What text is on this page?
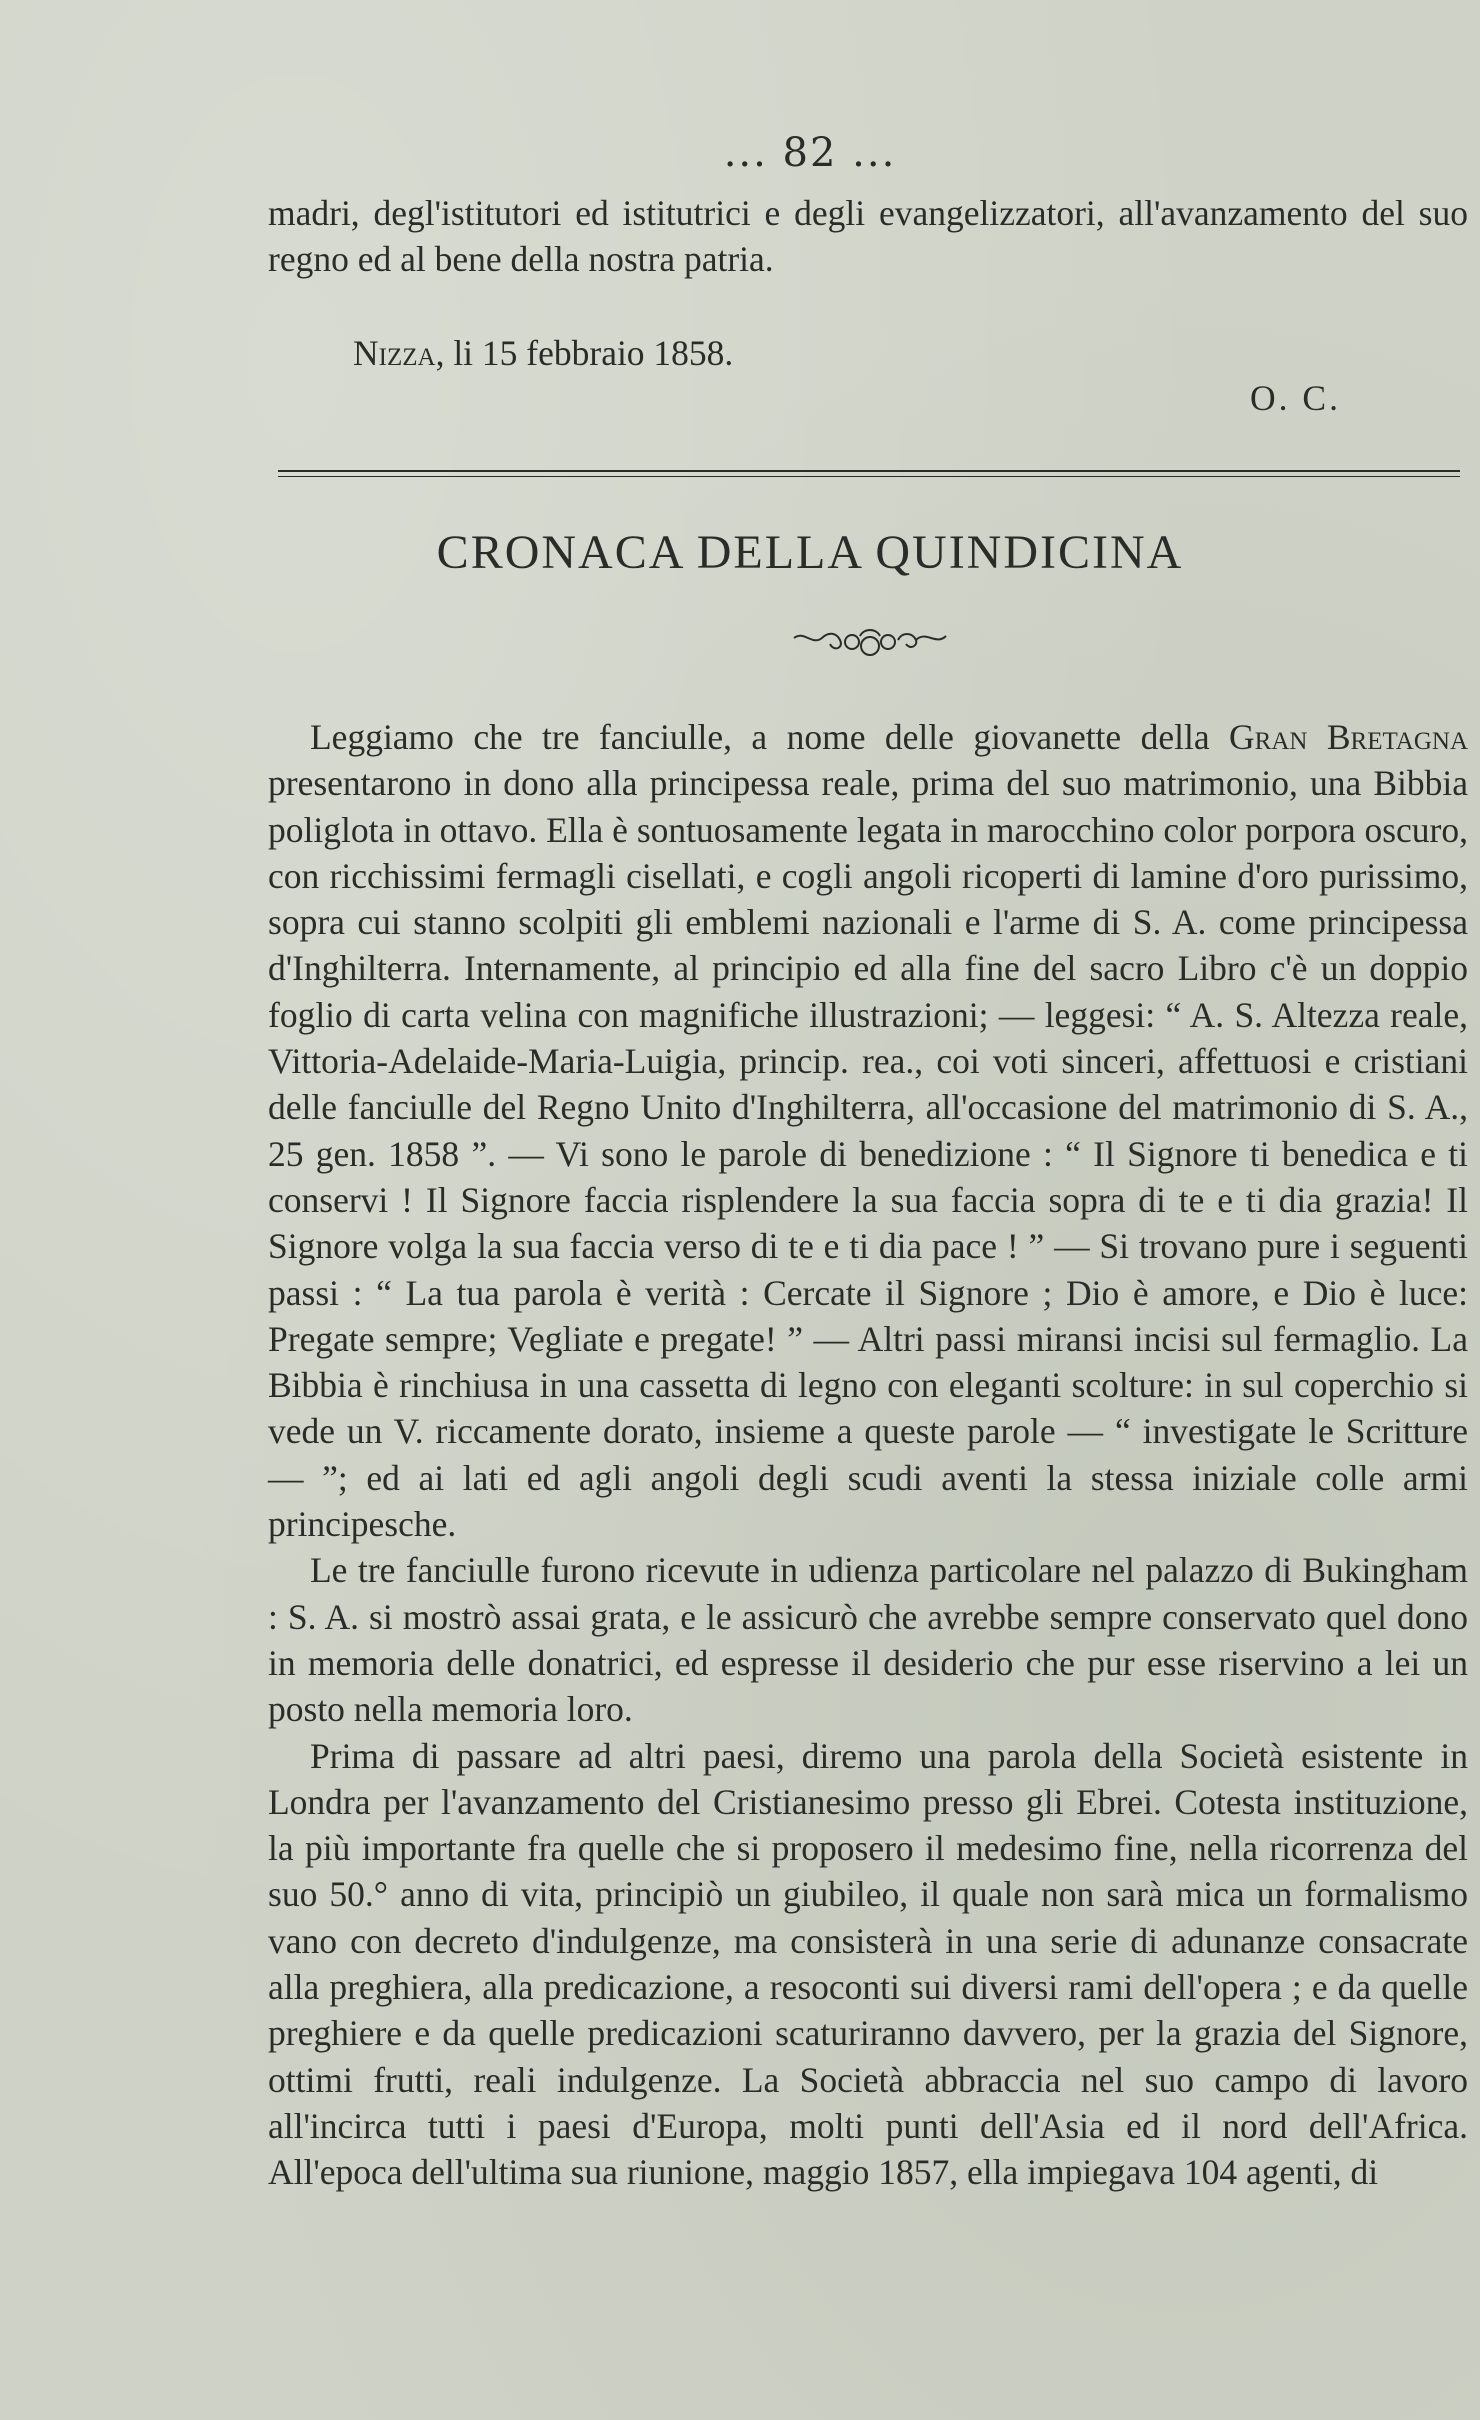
... 82 ...

madri, degl'istitutori ed istitutrici e degli evangelizzatori, all'avanzamento del suo regno ed al bene della nostra patria.

Nizza, li 15 febbraio 1858.
O. C.
CRONACA DELLA QUINDICINA

Leggiamo che tre fanciulle, a nome delle giovanette della Gran Bretagna presentarono in dono alla principessa reale, prima del suo matrimonio, una Bibbia poliglota in ottavo. Ella è sontuosamente legata in marocchino color porpora oscuro, con ricchissimi fermagli cisellati, e cogli angoli ricoperti di lamine d'oro purissimo, sopra cui stanno scolpiti gli emblemi nazionali e l'arme di S. A. come principessa d'Inghilterra. Internamente, al principio ed alla fine del sacro Libro c'è un doppio foglio di carta velina con magnifiche illustrazioni; — leggesi: “ A. S. Altezza reale, Vittoria-Adelaide-Maria-Luigia, princip. rea., coi voti sinceri, affettuosi e cristiani delle fanciulle del Regno Unito d'Inghilterra, all'occasione del matrimonio di S. A., 25 gen. 1858 ”. — Vi sono le parole di benedizione : “ Il Signore ti benedica e ti conservi ! Il Signore faccia risplendere la sua faccia sopra di te e ti dia grazia! Il Signore volga la sua faccia verso di te e ti dia pace ! ” — Si trovano pure i seguenti passi : “ La tua parola è verità : Cercate il Signore ; Dio è amore, e Dio è luce: Pregate sempre; Vegliate e pregate! ” — Altri passi miransi incisi sul fermaglio. La Bibbia è rinchiusa in una cassetta di legno con eleganti scolture: in sul coperchio si vede un V. riccamente dorato, insieme a queste parole — “ investigate le Scritture — ”; ed ai lati ed agli angoli degli scudi aventi la stessa iniziale colle armi principesche.

Le tre fanciulle furono ricevute in udienza particolare nel palazzo di Bukingham : S. A. si mostrò assai grata, e le assicurò che avrebbe sempre conservato quel dono in memoria delle donatrici, ed espresse il desiderio che pur esse riservino a lei un posto nella memoria loro.

Prima di passare ad altri paesi, diremo una parola della Società esistente in Londra per l'avanzamento del Cristianesimo presso gli Ebrei. Cotesta instituzione, la più importante fra quelle che si proposero il medesimo fine, nella ricorrenza del suo 50.° anno di vita, principiò un giubileo, il quale non sarà mica un formalismo vano con decreto d'indulgenze, ma consisterà in una serie di adunanze consacrate alla preghiera, alla predicazione, a resoconti sui diversi rami dell'opera ; e da quelle preghiere e da quelle predicazioni scaturiranno davvero, per la grazia del Signore, ottimi frutti, reali indulgenze. La Società abbraccia nel suo campo di lavoro all'incirca tutti i paesi d'Europa, molti punti dell'Asia ed il nord dell'Africa. All'epoca dell'ultima sua riunione, maggio 1857, ella impiegava 104 agenti, di
